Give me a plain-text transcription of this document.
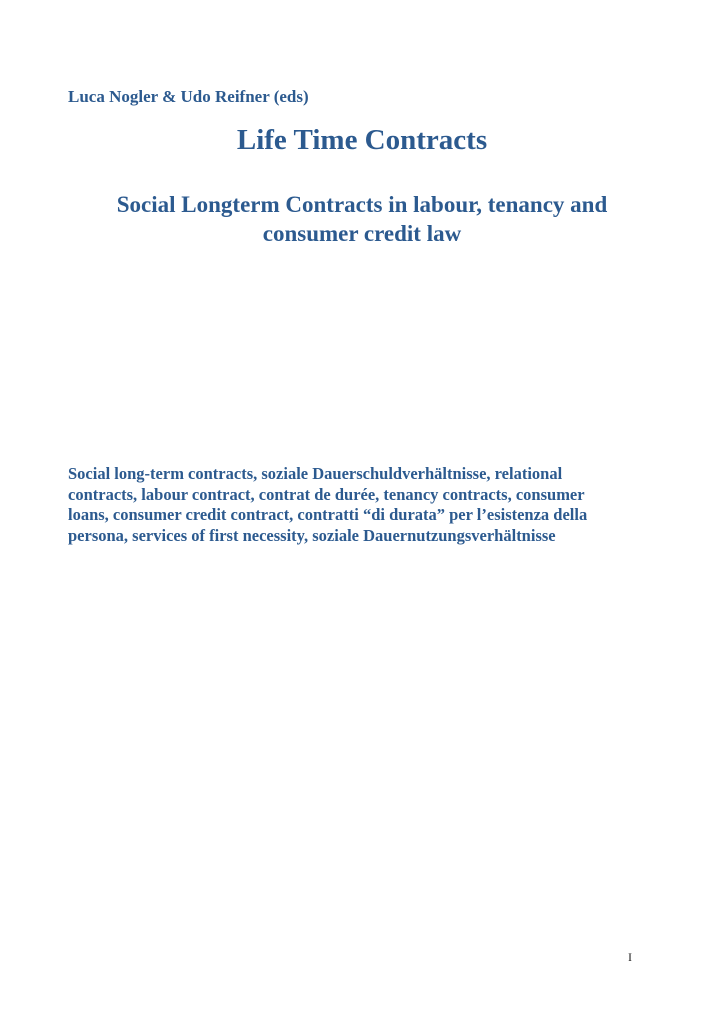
Luca Nogler & Udo Reifner (eds)

Life Time Contracts
Social Longterm Contracts in labour, tenancy and
consumer credit law

Social long-term contracts, soziale Dauerschuldverhältnisse, relational
contracts, labour contract, contrat de durée, tenancy contracts, consumer
loans, consumer credit contract, contratti “di durata” per l’esistenza della
persona, services of first necessity, soziale Dauernutzungsverhältnisse

I
